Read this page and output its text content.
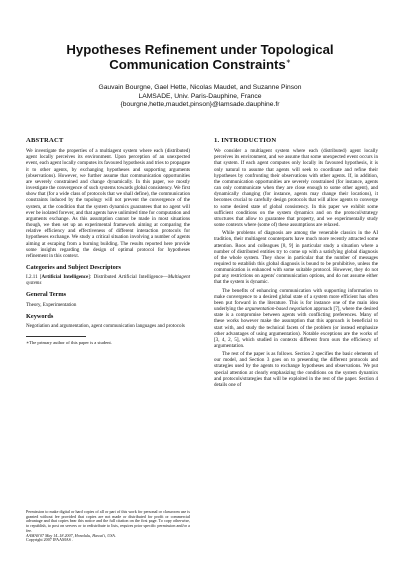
Hypotheses Refinement under Topological
Communication Constraints∗
Gauvain Bourgne, Gael Hette, Nicolas Maudet, and Suzanne Pinson
LAMSADE, Univ. Paris-Dauphine, France
{bourgne,hette,maudet,pinson}@lamsade.dauphine.fr
ABSTRACT

We investigate the properties of a multiagent system where each (distributed) agent locally perceives its environment. Upon perception of an unexpected event, each agent locally computes its favoured hypothesis and tries to propagate it to other agents, by exchanging hypotheses and supporting arguments (observations). However, we further assume that communication opportunities are severely constrained and change dynamically. In this paper, we mostly investigate the convergence of such systems towards global consistency. We first show that (for a wide class of protocols that we shall define), the communication constraints induced by the topology will not prevent the convergence of the system, at the condition that the system dynamics guarantees that no agent will ever be isolated forever, and that agents have unlimited time for computation and arguments exchange. As this assumption cannot be made in most situations though, we then set up an experimental framework aiming at comparing the relative efficiency and effectiveness of different interaction protocols for hypotheses exchange. We study a critical situation involving a number of agents aiming at escaping from a burning building. The results reported here provide some insights regarding the design of optimal protocol for hypotheses refinement in this context.

Categories and Subject Descriptors

I.2.11 [Artificial Intelligence]: Distributed Artificial Intelligence—Multiagent systems

General Terms

Theory, Experimentation

Keywords

Negotiation and argumentation, agent communication languages and protocols

∗The primary author of this paper is a student.

Permission to make digital or hard copies of all or part of this work for personal or classroom use is granted without fee provided that copies are not made or distributed for profit or commercial advantage and that copies bear this notice and the full citation on the first page. To copy otherwise, to republish, to post on servers or to redistribute to lists, requires prior specific permission and/or a fee.

AAMAS'07 May 14–18 2007, Honolulu, Hawai'i, USA.
Copyright 2007 IFAAMAS .
1. INTRODUCTION

We consider a multiagent system where each (distributed) agent locally perceives its environment, and we assume that some unexpected event occurs in that system. If each agent computes only locally its favoured hypothesis, it is only natural to assume that agents will seek to coordinate and refine their hypotheses by confronting their observations with other agents. If, in addition, the communication opportunities are severely constrained (for instance, agents can only communicate when they are close enough to some other agent), and dynamically changing (for instance, agents may change their locations), it becomes crucial to carefully design protocols that will allow agents to converge to some desired state of global consistency. In this paper we exhibit some sufficient conditions on the system dynamics and on the protocol/strategy structures that allow to guarantee that property, and we experimentally study some contexts where (some of) these assumptions are relaxed.

While problems of diagnosis are among the venerable classics in the AI tradition, their multiagent counterparts have much more recently attracted some attention. Roos and colleagues [8, 9] in particular study a situation where a number of distributed entities try to come up with a satisfying global diagnosis of the whole system. They show in particular that the number of messages required to establish this global diagnosis is bound to be prohibitive, unless the communication is enhanced with some suitable protocol. However, they do not put any restrictions on agents' communication options, and do not assume either that the system is dynamic.

The benefits of enhancing communication with supporting information to make convergence to a desired global state of a system more efficient has often been put forward in the literature. This is for instance one of the main idea underlying the argumentation-based negotiation approach [7], where the desired state is a compromise between agents with conflicting preferences. Many of these works however make the assumption that this approach is beneficial to start with, and study the technical facets of the problem (or instead emphasize other advantages of using argumentation). Notable exceptions are the works of [3, 4, 2, 5], which studied in contexts different from ours the efficiency of argumentation.

The rest of the paper is as follows. Section 2 specifies the basic elements of our model, and Section 3 goes on to presenting the different protocols and strategies used by the agents to exchange hypotheses and observations. We put special attention at clearly emphasizing the conditions on the system dynamics and protocols/strategies that will be exploited in the rest of the paper. Section 4 details one of
